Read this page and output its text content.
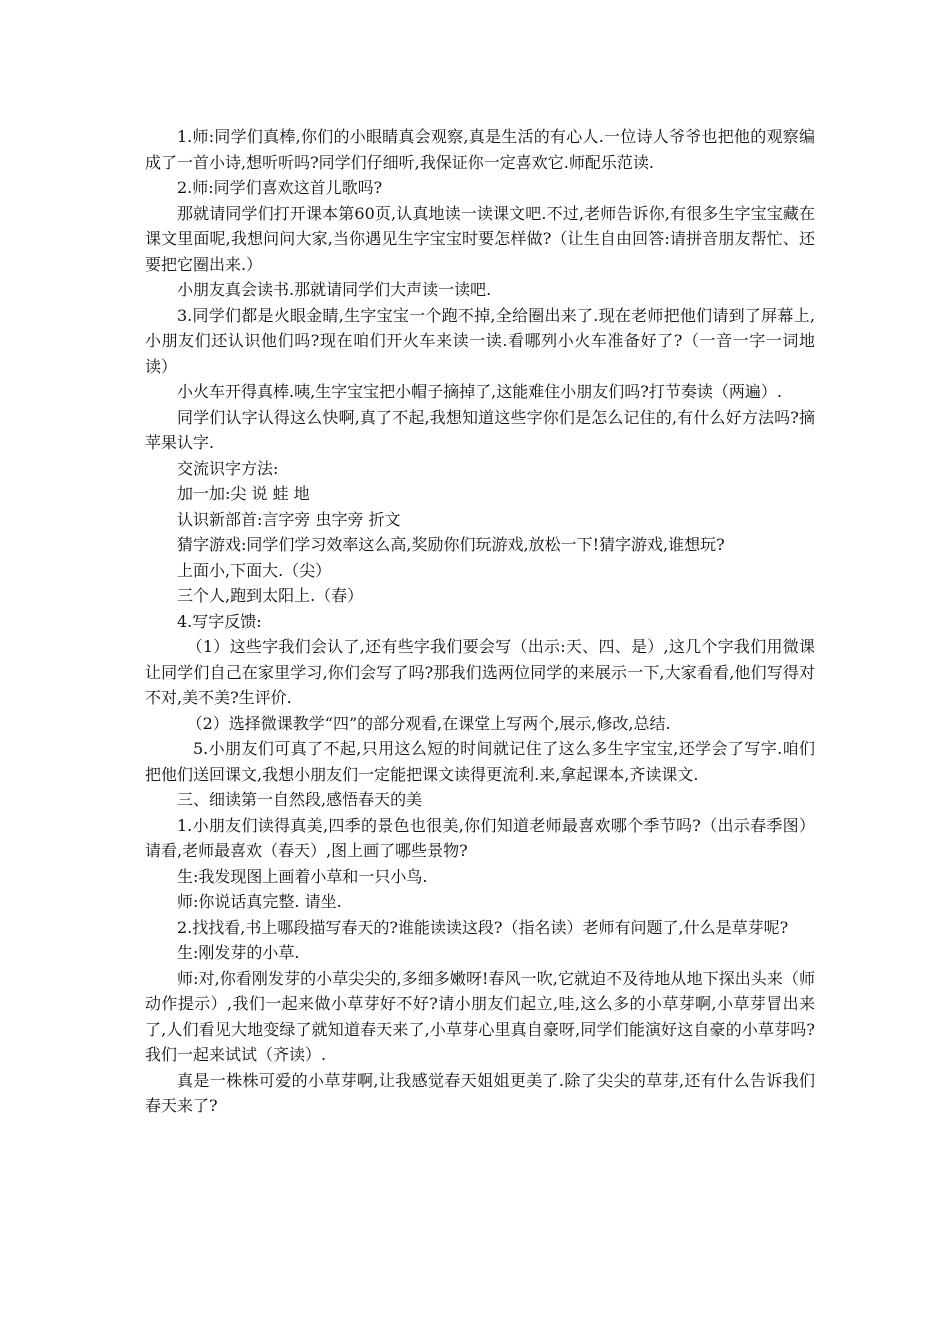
1.师:同学们真棒,你们的小眼睛真会观察,真是生活的有心人.一位诗人爷爷也把他的观察编成了一首小诗,想听听吗?同学们仔细听,我保证你一定喜欢它.师配乐范读.

2.师:同学们喜欢这首儿歌吗?

那就请同学们打开课本第60页,认真地读一读课文吧.不过,老师告诉你,有很多生字宝宝藏在课文里面呢,我想问问大家,当你遇见生字宝宝时要怎样做?（让生自由回答:请拼音朋友帮忙、还要把它圈出来.）

小朋友真会读书.那就请同学们大声读一读吧.

3.同学们都是火眼金睛,生字宝宝一个跑不掉,全给圈出来了.现在老师把他们请到了屏幕上,小朋友们还认识他们吗?现在咱们开火车来读一读.看哪列小火车准备好了?（一音一字一词地读）

小火车开得真棒.咦,生字宝宝把小帽子摘掉了,这能难住小朋友们吗?打节奏读（两遍）.

同学们认字认得这么快啊,真了不起,我想知道这些字你们是怎么记住的,有什么好方法吗?摘苹果认字.

交流识字方法:

加一加:尖 说 蛙 地

认识新部首:言字旁 虫字旁 折文

猜字游戏:同学们学习效率这么高,奖励你们玩游戏,放松一下!猜字游戏,谁想玩?

上面小,下面大.（尖）

三个人,跑到太阳上.（春）

4.写字反馈:

（1）这些字我们会认了,还有些字我们要会写（出示:天、四、是）,这几个字我们用微课让同学们自己在家里学习,你们会写了吗?那我们选两位同学的来展示一下,大家看看,他们写得对不对,美不美?生评价.

（2）选择微课教学“四”的部分观看,在课堂上写两个,展示,修改,总结.

5.小朋友们可真了不起,只用这么短的时间就记住了这么多生字宝宝,还学会了写字.咱们把他们送回课文,我想小朋友们一定能把课文读得更流利.来,拿起课本,齐读课文.

三、细读第一自然段,感悟春天的美

1.小朋友们读得真美,四季的景色也很美,你们知道老师最喜欢哪个季节吗?（出示春季图）请看,老师最喜欢（春天）,图上画了哪些景物?

生:我发现图上画着小草和一只小鸟.

师:你说话真完整. 请坐.

2.找找看,书上哪段描写春天的?谁能读读这段?（指名读）老师有问题了,什么是草芽呢?

生:刚发芽的小草.

师:对,你看刚发芽的小草尖尖的,多细多嫩呀!春风一吹,它就迫不及待地从地下探出头来（师动作提示）,我们一起来做小草芽好不好?请小朋友们起立,哇,这么多的小草芽啊,小草芽冒出来了,人们看见大地变绿了就知道春天来了,小草芽心里真自豪呀,同学们能演好这自豪的小草芽吗?我们一起来试试（齐读）.

真是一株株可爱的小草芽啊,让我感觉春天姐姐更美了.除了尖尖的草芽,还有什么告诉我们春天来了?
